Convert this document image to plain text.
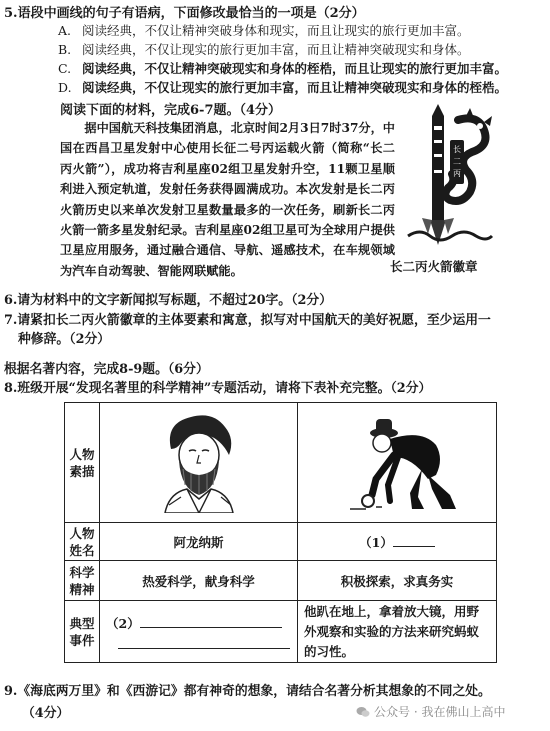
5.语段中画线的句子有语病，下面修改最恰当的一项是（2分）
A. 阅读经典，不仅让精神突破身体和现实，而且让现实的旅行更加丰富。
B. 阅读经典，不仅让现实的旅行更加丰富，而且让精神突破现实和身体。
C. 阅读经典，不仅让精神突破现实和身体的桎梏，而且让现实的旅行更加丰富。
D. 阅读经典，不仅让现实的旅行更加丰富，而且让精神突破现实和身体的桎梏。
阅读下面的材料，完成6-7题。（4分）
据中国航天科技集团消息，北京时间2月3日7时37分，中国在西昌卫星发射中心使用长征二号丙运载火箭（简称“长二丙火箭”），成功将吉利星座02组卫星发射升空，11颗卫星顺利进入预定轨道，发射任务获得圆满成功。本次发射是长二丙火箭历史以来单次发射卫星数量最多的一次任务，刷新长二丙火箭一箭多星发射纪录。吉利星座02组卫星可为全球用户提供卫星应用服务，通过融合通信、导航、遥感技术，在车规领域为汽车自动驾驶、智能网联赋能。
长
二
丙
长二丙火箭徽章
6.请为材料中的文字新闻拟写标题，不超过20字。（2分）
7.请紧扣长二丙火箭徽章的主体要素和寓意，拟写对中国航天的美好祝愿，至少运用一
种修辞。（2分）
根据名著内容，完成8-9题。（6分）
8.班级开展“发现名著里的科学精神”专题活动，请将下表补充完整。（2分）
人物素描		
人物姓名	阿龙纳斯	（1）
科学精神	热爱科学，献身科学	积极探索，求真务实
典型事件	（2）	他趴在地上，拿着放大镜，用野外观察和实验的方法来研究蚂蚁的习性。
9.《海底两万里》和《西游记》都有神奇的想象，请结合名著分析其想象的不同之处。
（4分）	公众号 · 我在佛山上高中
